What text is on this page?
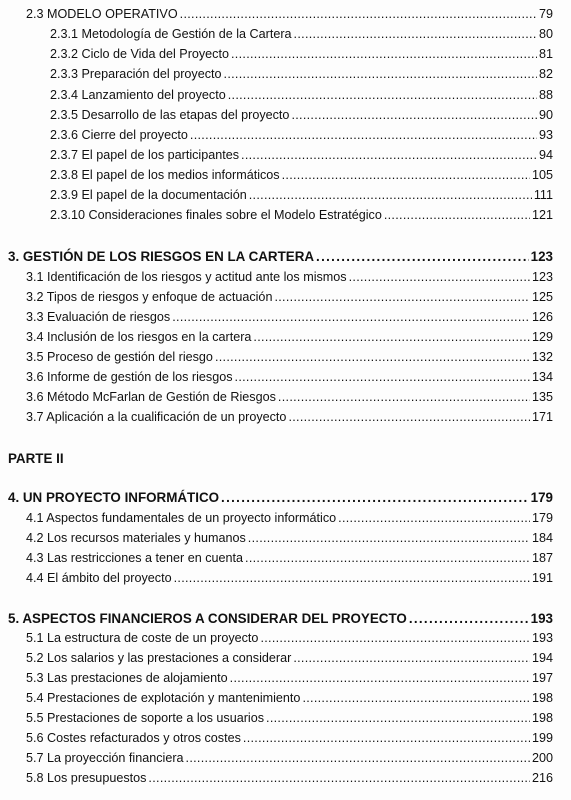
2.3 MODELO OPERATIVO . . .	79
2.3.1 Metodología de Gestión de la Cartera . . .	80
2.3.2 Ciclo de Vida del Proyecto . . .	81
2.3.3 Preparación del proyecto . . .	82
2.3.4 Lanzamiento del proyecto . . .	88
2.3.5 Desarrollo de las etapas del proyecto . . .	90
2.3.6 Cierre del proyecto . . .	93
2.3.7 El papel de los participantes . . .	94
2.3.8 El papel de los medios informáticos . . .	105
2.3.9 El papel de la documentación . . .	111
2.3.10 Consideraciones finales sobre el Modelo Estratégico . . .	121
3. GESTIÓN DE LOS RIESGOS EN LA CARTERA . . .	123
3.1 Identificación de los riesgos y actitud ante los mismos . . .	123
3.2 Tipos de riesgos y enfoque de actuación . . .	125
3.3 Evaluación de riesgos . . .	126
3.4 Inclusión de los riesgos en la cartera . . .	129
3.5 Proceso de gestión del riesgo . . .	132
3.6 Informe de gestión de los riesgos . . .	134
3.6 Método McFarlan de Gestión de Riesgos . . .	135
3.7 Aplicación a la cualificación de un proyecto . . .	171
PARTE II
4. UN PROYECTO INFORMÁTICO . . .	179
4.1 Aspectos fundamentales de un proyecto informático . . .	179
4.2 Los recursos materiales y humanos . . .	184
4.3 Las restricciones a tener en cuenta . . .	187
4.4 El ámbito del proyecto . . .	191
5. ASPECTOS FINANCIEROS A CONSIDERAR DEL PROYECTO . . .	193
5.1 La estructura de coste de un proyecto . . .	193
5.2 Los salarios y las prestaciones a considerar . . .	194
5.3 Las prestaciones de alojamiento . . .	197
5.4 Prestaciones de explotación y mantenimiento . . .	198
5.5 Prestaciones de soporte a los usuarios . . .	198
5.6 Costes refacturados y otros costes . . .	199
5.7 La proyección financiera . . .	200
5.8 Los presupuestos . . .	216
